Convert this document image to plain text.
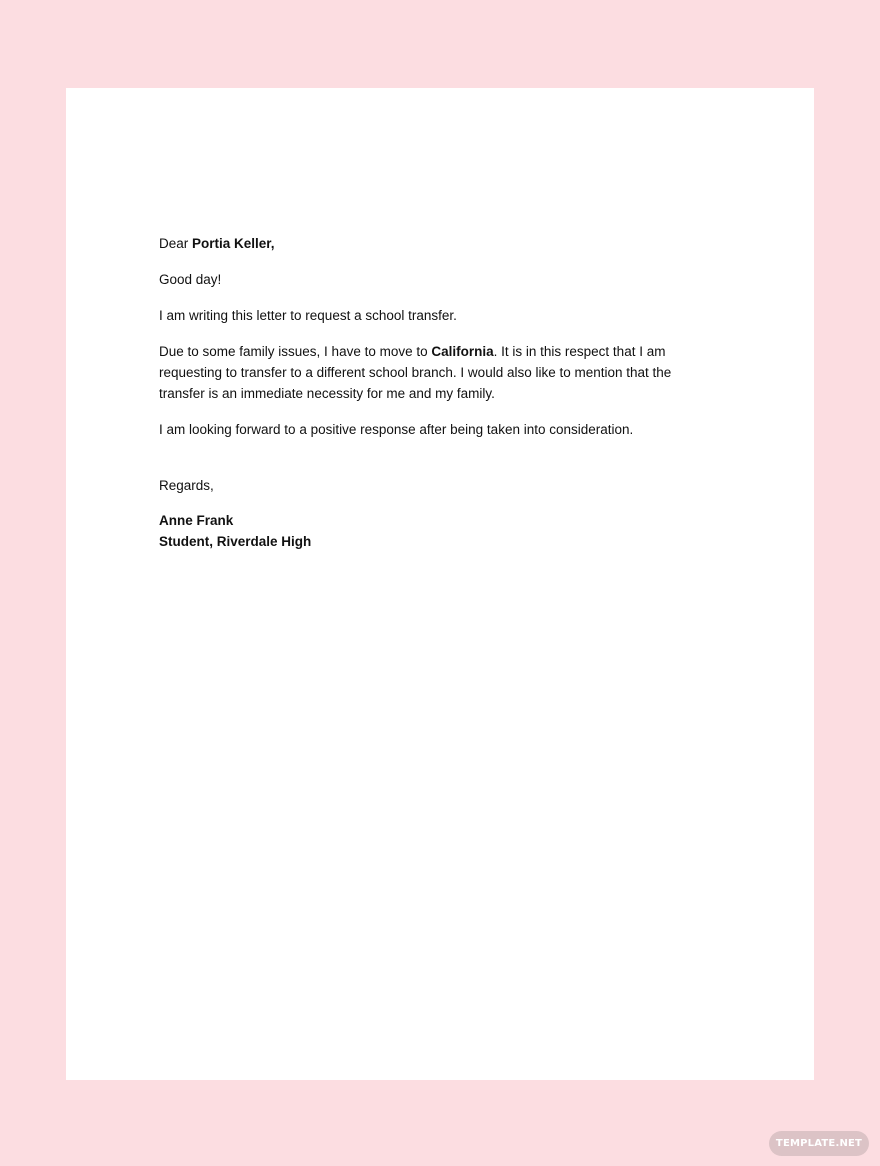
Dear Portia Keller,

Good day!

I am writing this letter to request a school transfer.

Due to some family issues, I have to move to California. It is in this respect that I am requesting to transfer to a different school branch. I would also like to mention that the transfer is an immediate necessity for me and my family.

I am looking forward to a positive response after being taken into consideration.

Regards,

Anne Frank
Student, Riverdale High

TEMPLATE.NET
